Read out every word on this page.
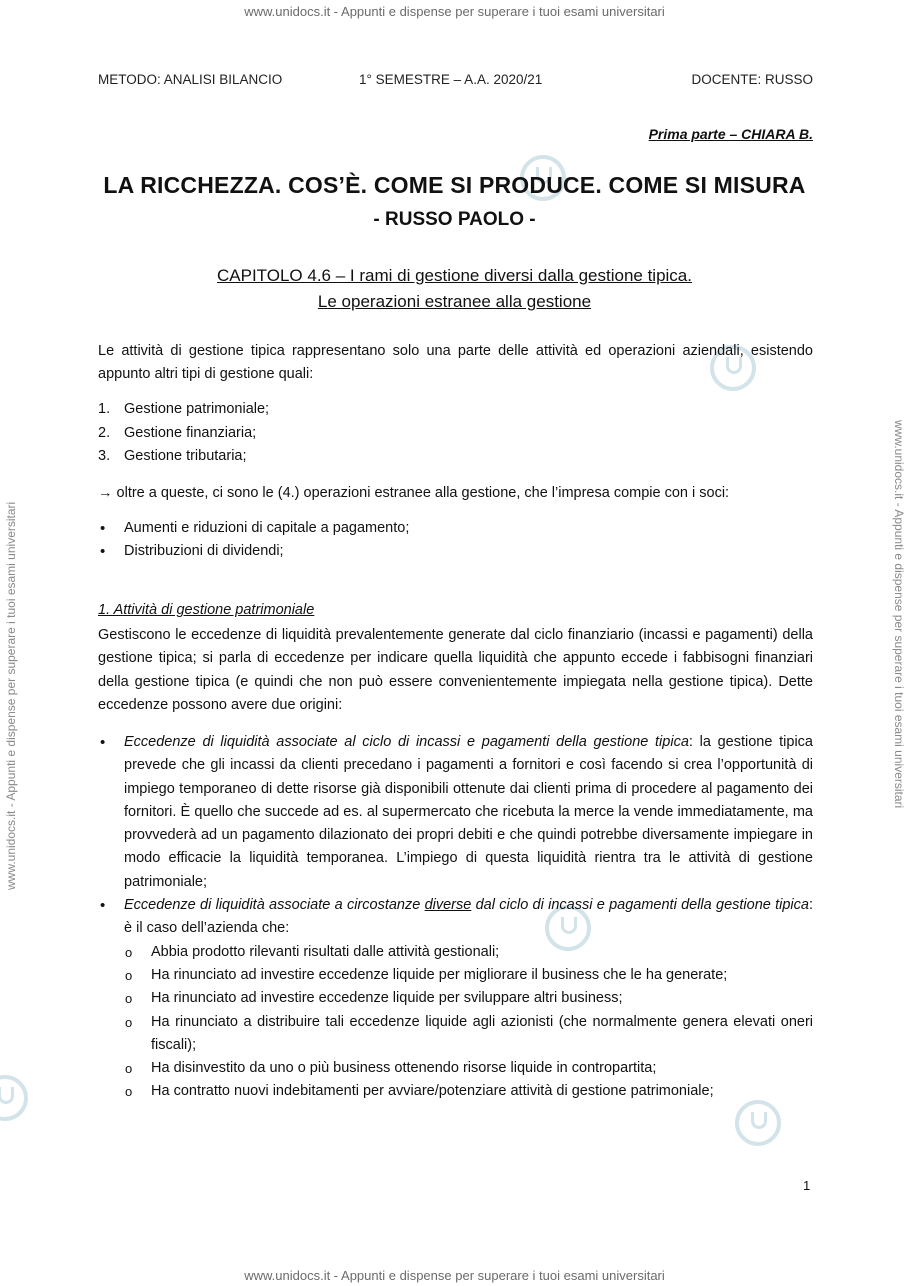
www.unidocs.it - Appunti e dispense per superare i tuoi esami universitari
www.unidocs.it - Appunti e dispense per superare i tuoi esami universitari
www.unidocs.it - Appunti e dispense per superare i tuoi esami universitari	www.unidocs.it - Appunti e dispense per superare i tuoi esami universitari
METODO: ANALISI BILANCIO	1° SEMESTRE – A.A. 2020/21	DOCENTE: RUSSO
Prima parte – CHIARA B.
LA RICCHEZZA. COS’È. COME SI PRODUCE. COME SI MISURA
- RUSSO PAOLO -
CAPITOLO 4.6 – I rami di gestione diversi dalla gestione tipica.
Le operazioni estranee alla gestione
Le attività di gestione tipica rappresentano solo una parte delle attività ed operazioni aziendali, esistendo appunto altri tipi di gestione quali:
1. Gestione patrimoniale;
2. Gestione finanziaria;
3. Gestione tributaria;
→ oltre a queste, ci sono le (4.) operazioni estranee alla gestione, che l’impresa compie con i soci:
• Aumenti e riduzioni di capitale a pagamento;
• Distribuzioni di dividendi;
1. Attività di gestione patrimoniale
Gestiscono le eccedenze di liquidità prevalentemente generate dal ciclo finanziario (incassi e pagamenti) della gestione tipica; si parla di eccedenze per indicare quella liquidità che appunto eccede i fabbisogni finanziari della gestione tipica (e quindi che non può essere convenientemente impiegata nella gestione tipica). Dette eccedenze possono avere due origini:
• Eccedenze di liquidità associate al ciclo di incassi e pagamenti della gestione tipica: la gestione tipica prevede che gli incassi da clienti precedano i pagamenti a fornitori e così facendo si crea l’opportunità di impiego temporaneo di dette risorse già disponibili ottenute dai clienti prima di procedere al pagamento dei fornitori. È quello che succede ad es. al supermercato che ricebuta la merce la vende immediatamente, ma provvederà ad un pagamento dilazionato dei propri debiti e che quindi potrebbe diversamente impiegare in modo efficacie la liquidità temporanea. L’impiego di questa liquidità rientra tra le attività di gestione patrimoniale;
• Eccedenze di liquidità associate a circostanze diverse dal ciclo di incassi e pagamenti della gestione tipica: è il caso dell’azienda che:
o Abbia prodotto rilevanti risultati dalle attività gestionali;
o Ha rinunciato ad investire eccedenze liquide per migliorare il business che le ha generate;
o Ha rinunciato ad investire eccedenze liquide per sviluppare altri business;
o Ha rinunciato a distribuire tali eccedenze liquide agli azionisti (che normalmente genera elevati oneri fiscali);
o Ha disinvestito da uno o più business ottenendo risorse liquide in contropartita;
o Ha contratto nuovi indebitamenti per avviare/potenziare attività di gestione patrimoniale;
1
